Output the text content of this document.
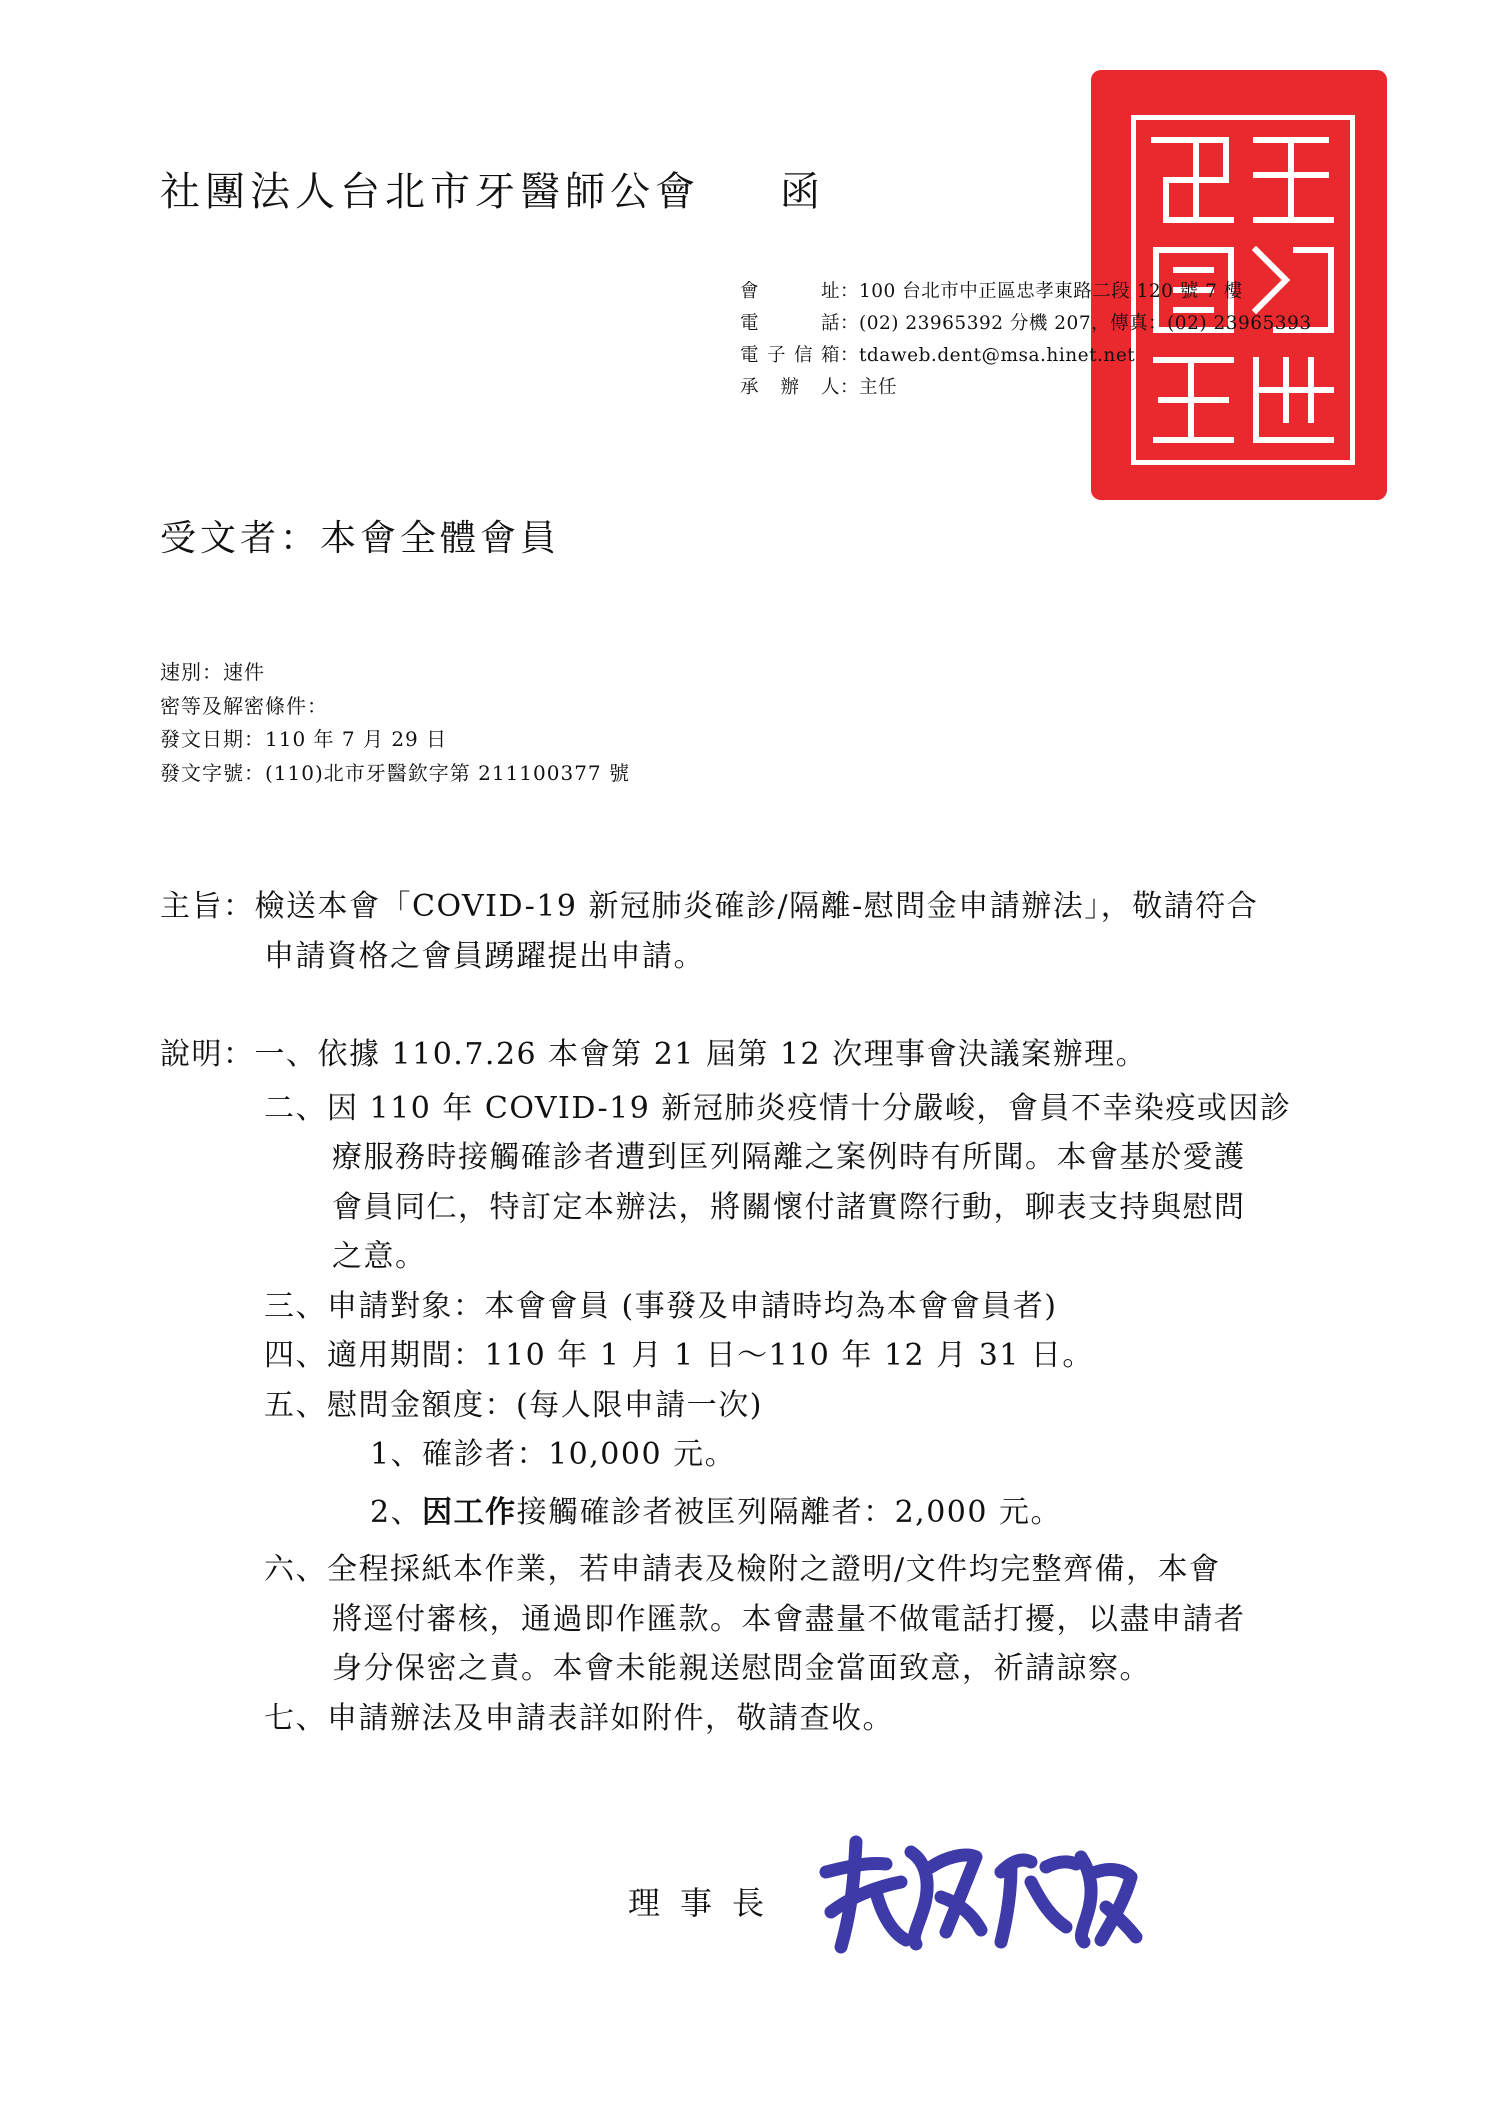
社團法人台北市牙醫師公會 函
會 址：100 台北市中正區忠孝東路二段 120 號 7 樓
電 話：(02) 23965392 分機 207，傳真：(02) 23965393
電子信箱：tdaweb.dent@msa.hinet.net
承 辦 人：主任
受文者：本會全體會員
速別：速件
密等及解密條件：
發文日期：110 年 7 月 29 日
發文字號：(110)北市牙醫欽字第 211100377 號
主旨：檢送本會「COVID-19 新冠肺炎確診/隔離-慰問金申請辦法」，敬請符合
申請資格之會員踴躍提出申請。
說明：一、依據 110.7.26 本會第 21 屆第 12 次理事會決議案辦理。
二、因 110 年 COVID-19 新冠肺炎疫情十分嚴峻，會員不幸染疫或因診
療服務時接觸確診者遭到匡列隔離之案例時有所聞。本會基於愛護
會員同仁，特訂定本辦法，將關懷付諸實際行動，聊表支持與慰問
之意。
三、申請對象：本會會員 (事發及申請時均為本會會員者)
四、適用期間：110 年 1 月 1 日～110 年 12 月 31 日。
五、慰問金額度：(每人限申請一次)
1、確診者：10,000 元。
2、因工作接觸確診者被匡列隔離者：2,000 元。
六、全程採紙本作業，若申請表及檢附之證明/文件均完整齊備，本會
將逕付審核，通過即作匯款。本會盡量不做電話打擾，以盡申請者
身分保密之責。本會未能親送慰問金當面致意，祈請諒察。
七、申請辦法及申請表詳如附件，敬請查收。
理事長
